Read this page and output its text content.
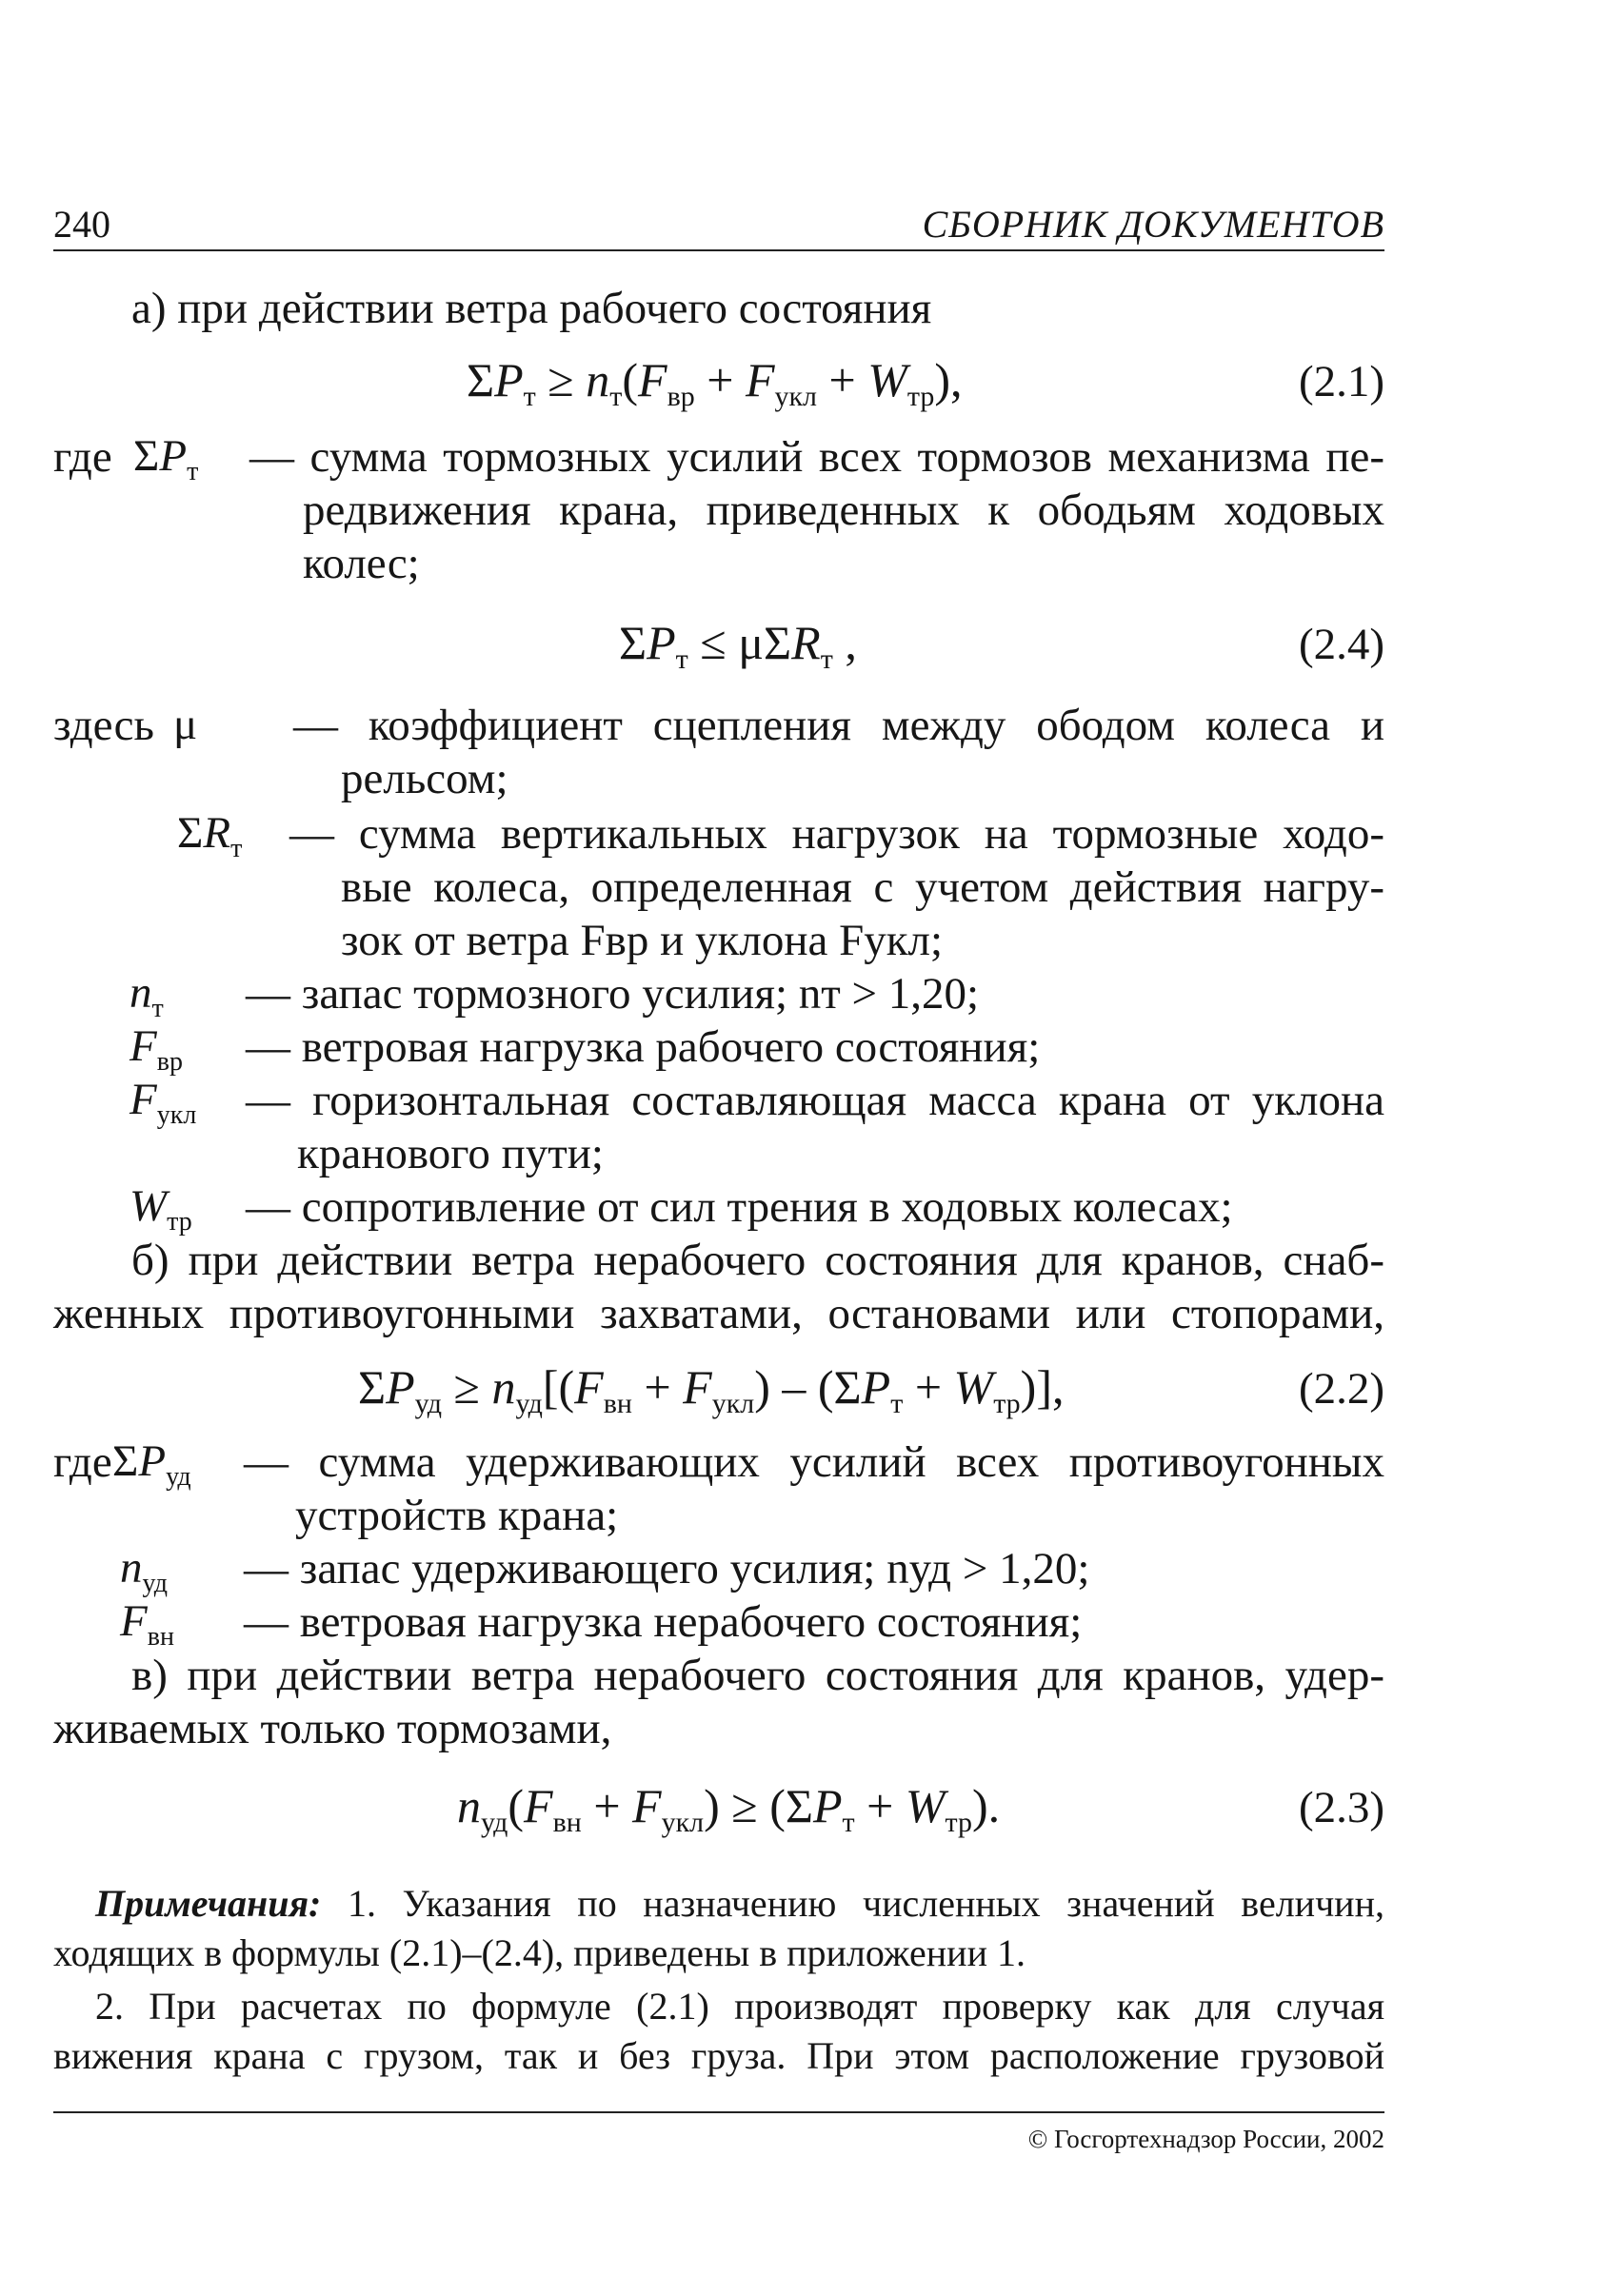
240	СБОРНИК ДОКУМЕНТОВ
а) при действии ветра рабочего состояния
$\Sigma P_т \ge n_т(F_{вр} + F_{укл} + W_{тр})$,	(2.1)
где $\Sigma P_т$ — сумма тормозных усилий всех тормозов механизма пе-
редвижения крана, приведенных к ободьям ходовых
колес;
$\Sigma P_т \le \mu\Sigma R_т$ ,	(2.4)
здесь μ — коэффициент сцепления между ободом колеса и
рельсом;
$\Sigma R_т$ — сумма вертикальных нагрузок на тормозные ходо-
вые колеса, определенная с учетом действия нагру-
зок от ветра Fвр и уклона Fукл;
$n_т$ — запас тормозного усилия; nт > 1,20;
$F_{вр}$ — ветровая нагрузка рабочего состояния;
$F_{укл}$ — горизонтальная составляющая масса крана от уклона
кранового пути;
$W_{тр}$ — сопротивление от сил трения в ходовых колесах;
б) при действии ветра нерабочего состояния для кранов, снаб-
женных противоугонными захватами, остановами или стопорами,
$\Sigma P_{уд} \ge n_{уд}[(F_{вн} + F_{укл}) - (\Sigma P_т + W_{тр})]$,	(2.2)
где $\Sigma P_{уд}$ — сумма удерживающих усилий всех противоугонных
устройств крана;
$n_{уд}$ — запас удерживающего усилия; nуд > 1,20;
$F_{вн}$ — ветровая нагрузка нерабочего состояния;
в) при действии ветра нерабочего состояния для кранов, удер-
живаемых только тормозами,
$n_{уд}(F_{вн} + F_{укл}) \ge (\Sigma P_т + W_{тр})$.	(2.3)
Примечания: 1. Указания по назначению численных значений величин,
ходящих в формулы (2.1)–(2.4), приведены в приложении 1.
2. При расчетах по формуле (2.1) производят проверку как для случая
вижения крана с грузом, так и без груза. При этом расположение грузовой
© Госгортехнадзор России, 2002
